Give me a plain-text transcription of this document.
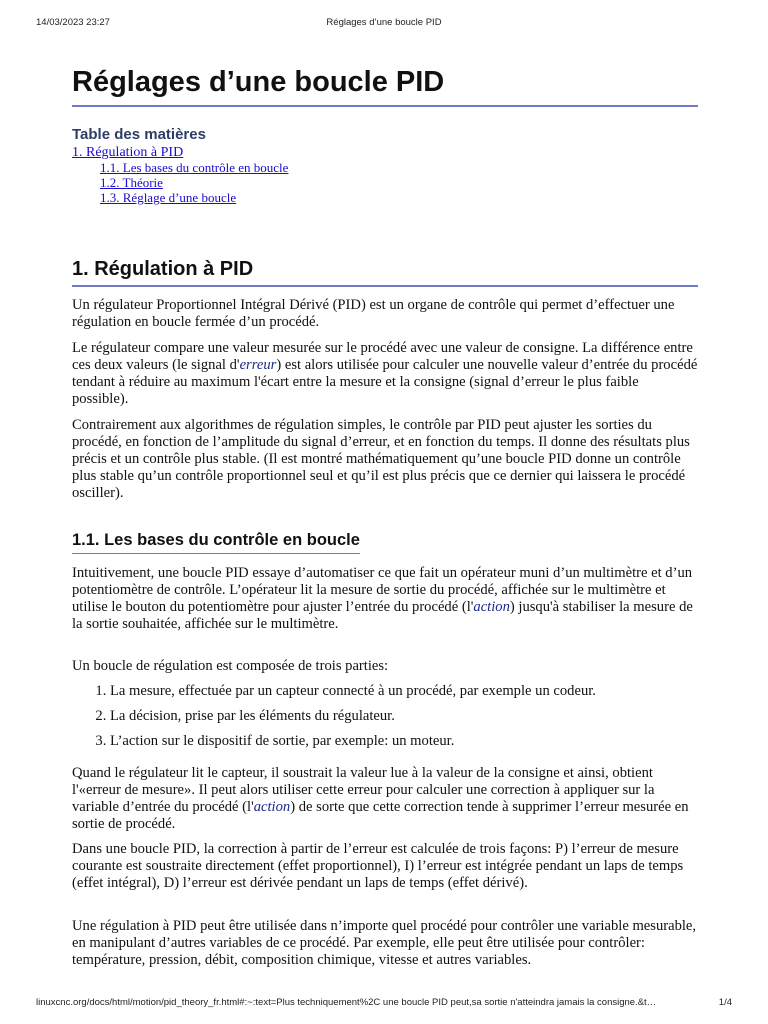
14/03/2023 23:27	Réglages d’une boucle PID
Réglages d’une boucle PID
Table des matières
1. Régulation à PID
1.1. Les bases du contrôle en boucle
1.2. Théorie
1.3. Réglage d’une boucle
1. Régulation à PID

Un régulateur Proportionnel Intégral Dérivé (PID) est un organe de contrôle qui permet d’effectuer une régulation en boucle fermée d’un procédé.

Le régulateur compare une valeur mesurée sur le procédé avec une valeur de consigne. La différence entre ces deux valeurs (le signal d'erreur) est alors utilisée pour calculer une nouvelle valeur d’entrée du procédé tendant à réduire au maximum l'écart entre la mesure et la consigne (signal d’erreur le plus faible possible).

Contrairement aux algorithmes de régulation simples, le contrôle par PID peut ajuster les sorties du procédé, en fonction de l’amplitude du signal d’erreur, et en fonction du temps. Il donne des résultats plus précis et un contrôle plus stable. (Il est montré mathématiquement qu’une boucle PID donne un contrôle plus stable qu’un contrôle proportionnel seul et qu’il est plus précis que ce dernier qui laissera le procédé osciller).

1.1. Les bases du contrôle en boucle

Intuitivement, une boucle PID essaye d’automatiser ce que fait un opérateur muni d’un multimètre et d’un potentiomètre de contrôle. L’opérateur lit la mesure de sortie du procédé, affichée sur le multimètre et utilise le bouton du potentiomètre pour ajuster l’entrée du procédé (l'action) jusqu'à stabiliser la mesure de la sortie souhaitée, affichée sur le multimètre.

Un boucle de régulation est composée de trois parties:

1. La mesure, effectuée par un capteur connecté à un procédé, par exemple un codeur.
2. La décision, prise par les éléments du régulateur.
3. L’action sur le dispositif de sortie, par exemple: un moteur.

Quand le régulateur lit le capteur, il soustrait la valeur lue à la valeur de la consigne et ainsi, obtient l'«erreur de mesure». Il peut alors utiliser cette erreur pour calculer une correction à appliquer sur la variable d’entrée du procédé (l'action) de sorte que cette correction tende à supprimer l’erreur mesurée en sortie de procédé.

Dans une boucle PID, la correction à partir de l’erreur est calculée de trois façons: P) l’erreur de mesure courante est soustraite directement (effet proportionnel), I) l’erreur est intégrée pendant un laps de temps (effet intégral), D) l’erreur est dérivée pendant un laps de temps (effet dérivé).

Une régulation à PID peut être utilisée dans n’importe quel procédé pour contrôler une variable mesurable, en manipulant d’autres variables de ce procédé. Par exemple, elle peut être utilisée pour contrôler: température, pression, débit, composition chimique, vitesse et autres variables.

linuxcnc.org/docs/html/motion/pid_theory_fr.html#:~:text=Plus techniquement%2C une boucle PID peut,sa sortie n'atteindra jamais la consigne.&t…	1/4
